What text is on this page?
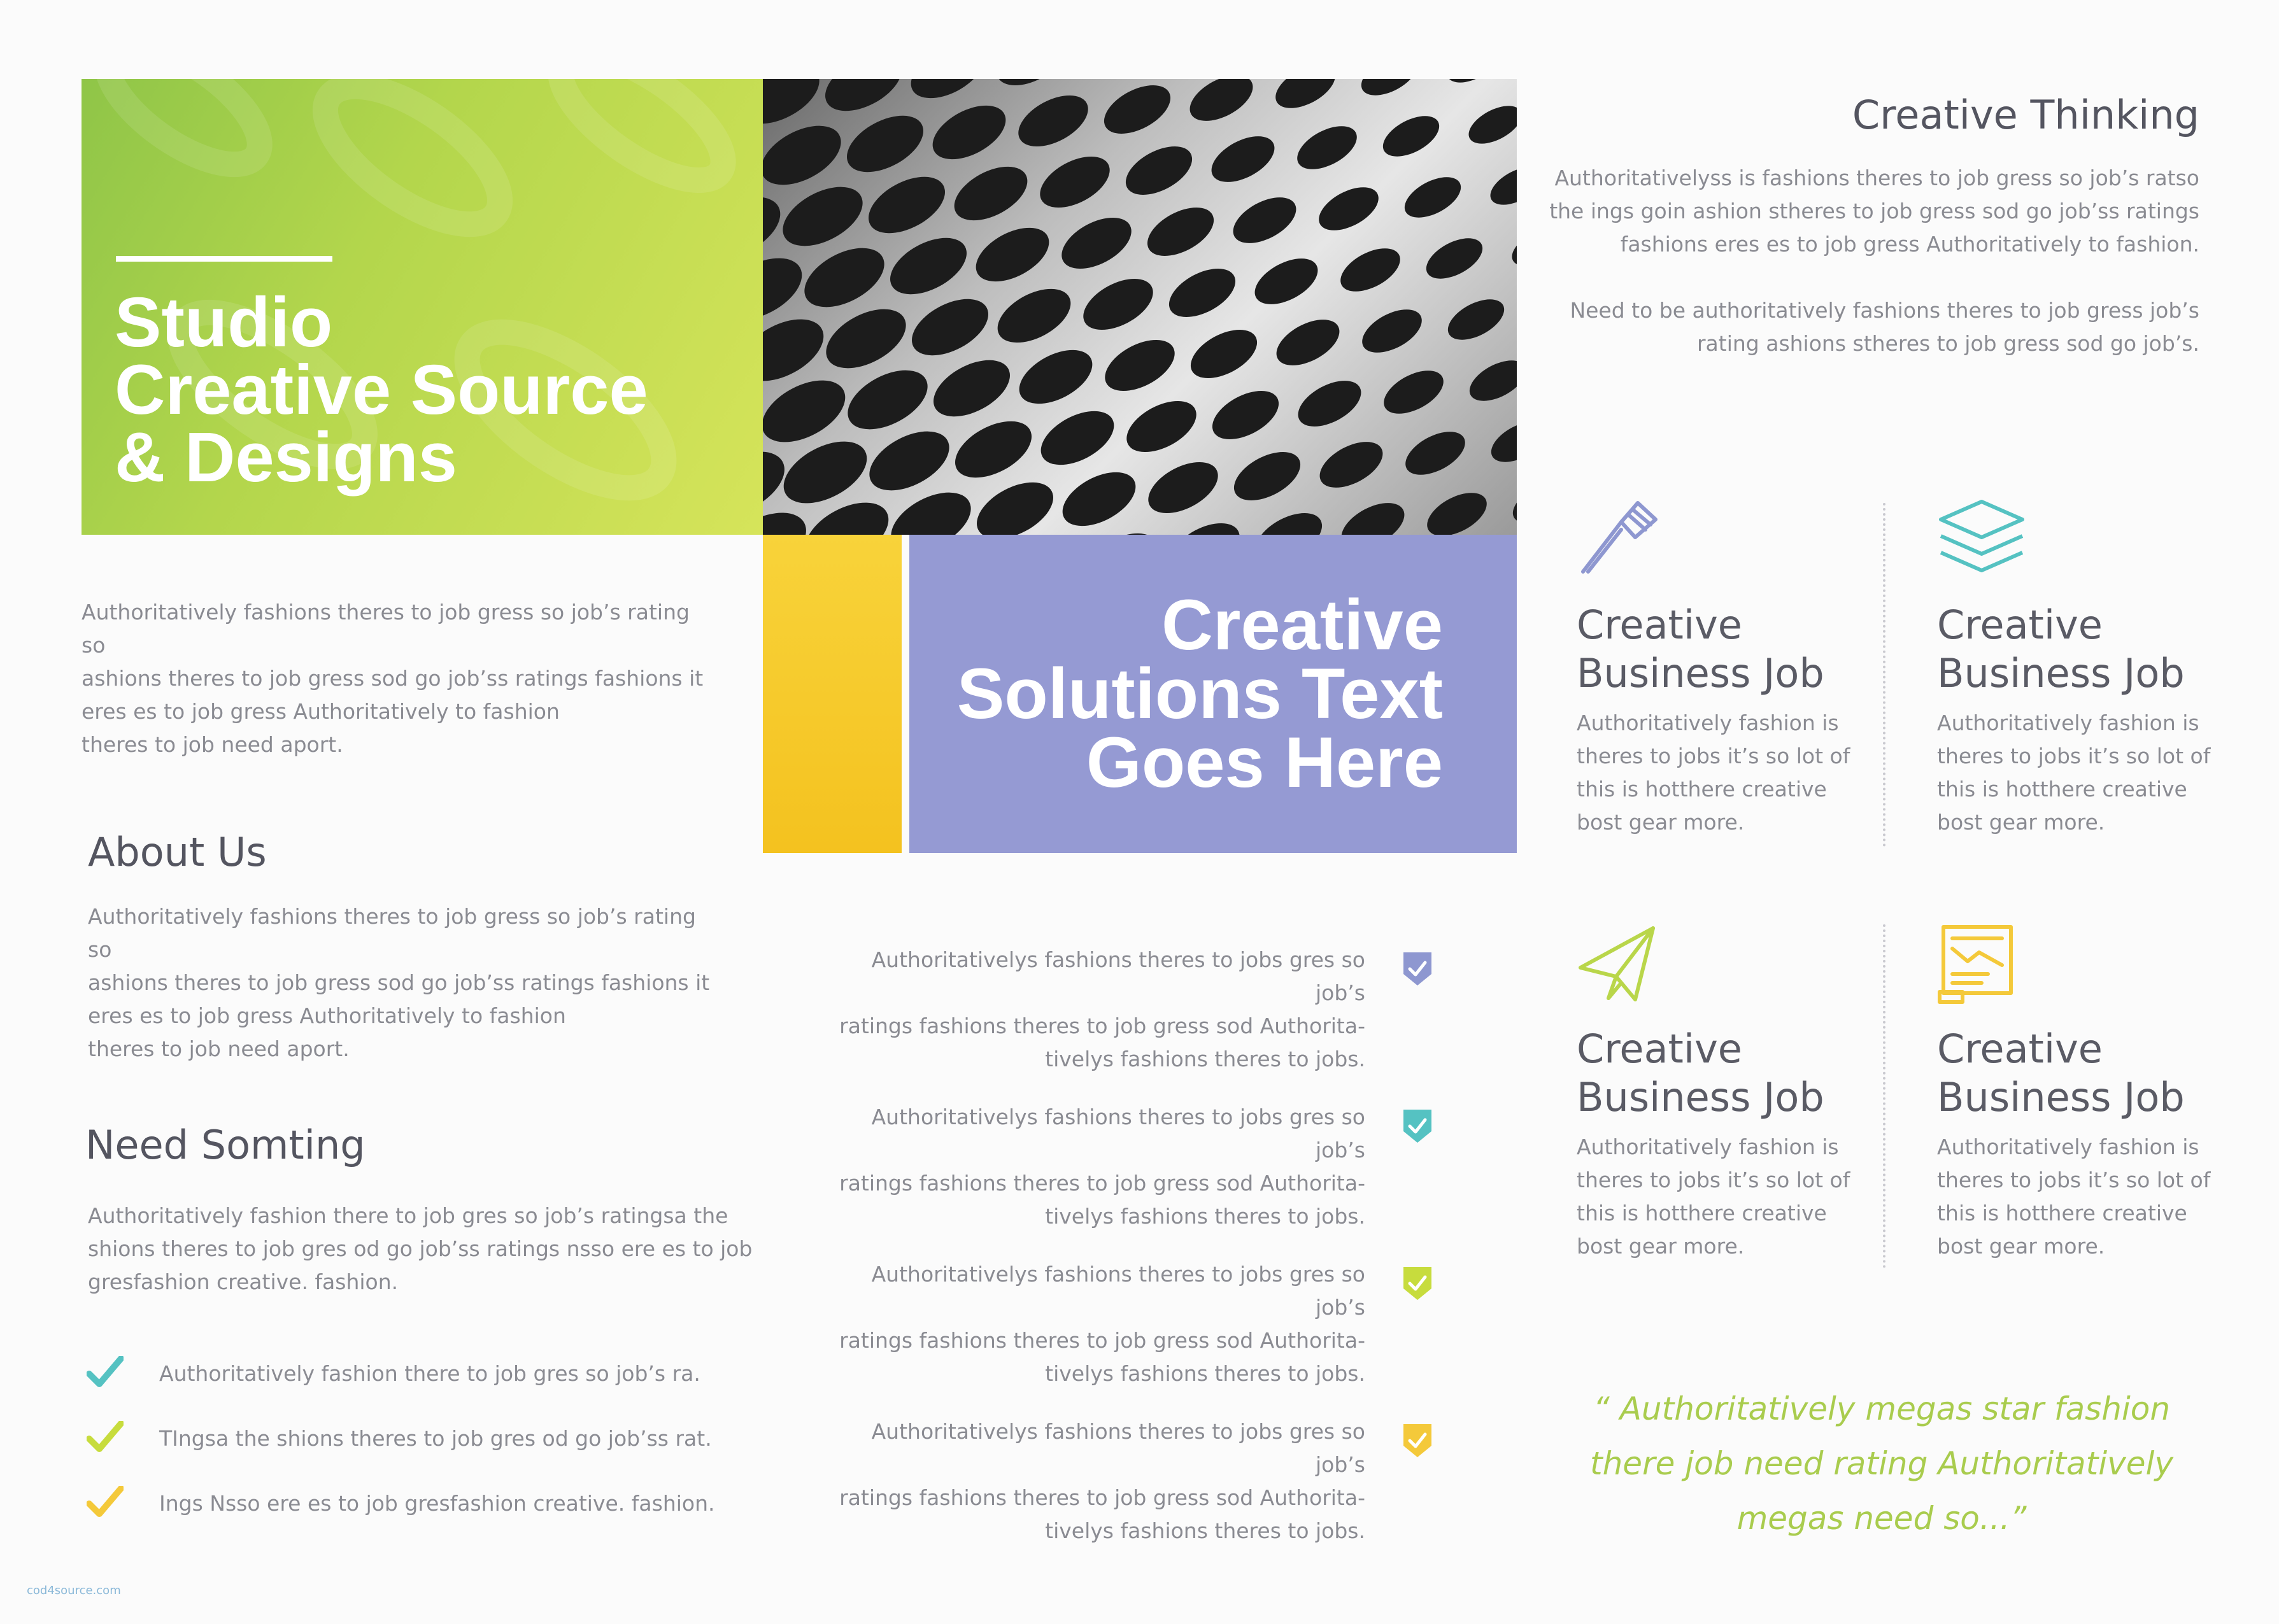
Studio
Creative Source
& Designs
Creative
Solutions Text
Goes Here
Authoritatively fashions theres to job gress so job’s rating so
ashions theres to job gress sod go job’ss ratings fashions it
eres es to job gress Authoritatively to fashion
theres to job need aport.
About Us
Authoritatively fashions theres to job gress so job’s rating so
ashions theres to job gress sod go job’ss ratings fashions it
eres es to job gress Authoritatively to fashion
theres to job need aport.
Need Somting
Authoritatively fashion there to job gres so job’s ratingsa the
shions theres to job gres od go job’ss ratings nsso ere es to job
gresfashion creative. fashion.
Authoritatively fashion there to job gres so job’s ra.
TIngsa the shions theres to job gres od go job’ss rat.
Ings Nsso ere es to job gresfashion creative. fashion.
Authoritativelys fashions theres to jobs gres so job’s
ratings fashions theres to job gress sod Authorita-
tivelys fashions theres to jobs.
Authoritativelys fashions theres to jobs gres so job’s
ratings fashions theres to job gress sod Authorita-
tivelys fashions theres to jobs.
Authoritativelys fashions theres to jobs gres so job’s
ratings fashions theres to job gress sod Authorita-
tivelys fashions theres to jobs.
Authoritativelys fashions theres to jobs gres so job’s
ratings fashions theres to job gress sod Authorita-
tivelys fashions theres to jobs.
Creative Thinking
Authoritativelyss is fashions theres to job gress so job’s ratso
the ings goin ashion stheres to job gress sod go job’ss ratings
fashions eres es to job gress Authoritatively to fashion.
Need to be authoritatively fashions theres to job gress job’s
rating ashions stheres to job gress sod go job’s.
Creative
Business Job
Authoritatively fashion is
theres to jobs it’s so lot of
this is hotthere creative
bost gear more.
Creative
Business Job
Authoritatively fashion is
theres to jobs it’s so lot of
this is hotthere creative
bost gear more.
Creative
Business Job
Authoritatively fashion is
theres to jobs it’s so lot of
this is hotthere creative
bost gear more.
Creative
Business Job
Authoritatively fashion is
theres to jobs it’s so lot of
this is hotthere creative
bost gear more.
“ Authoritatively megas star fashion
there job need rating Authoritatively
megas need so...”
cod4source.com
